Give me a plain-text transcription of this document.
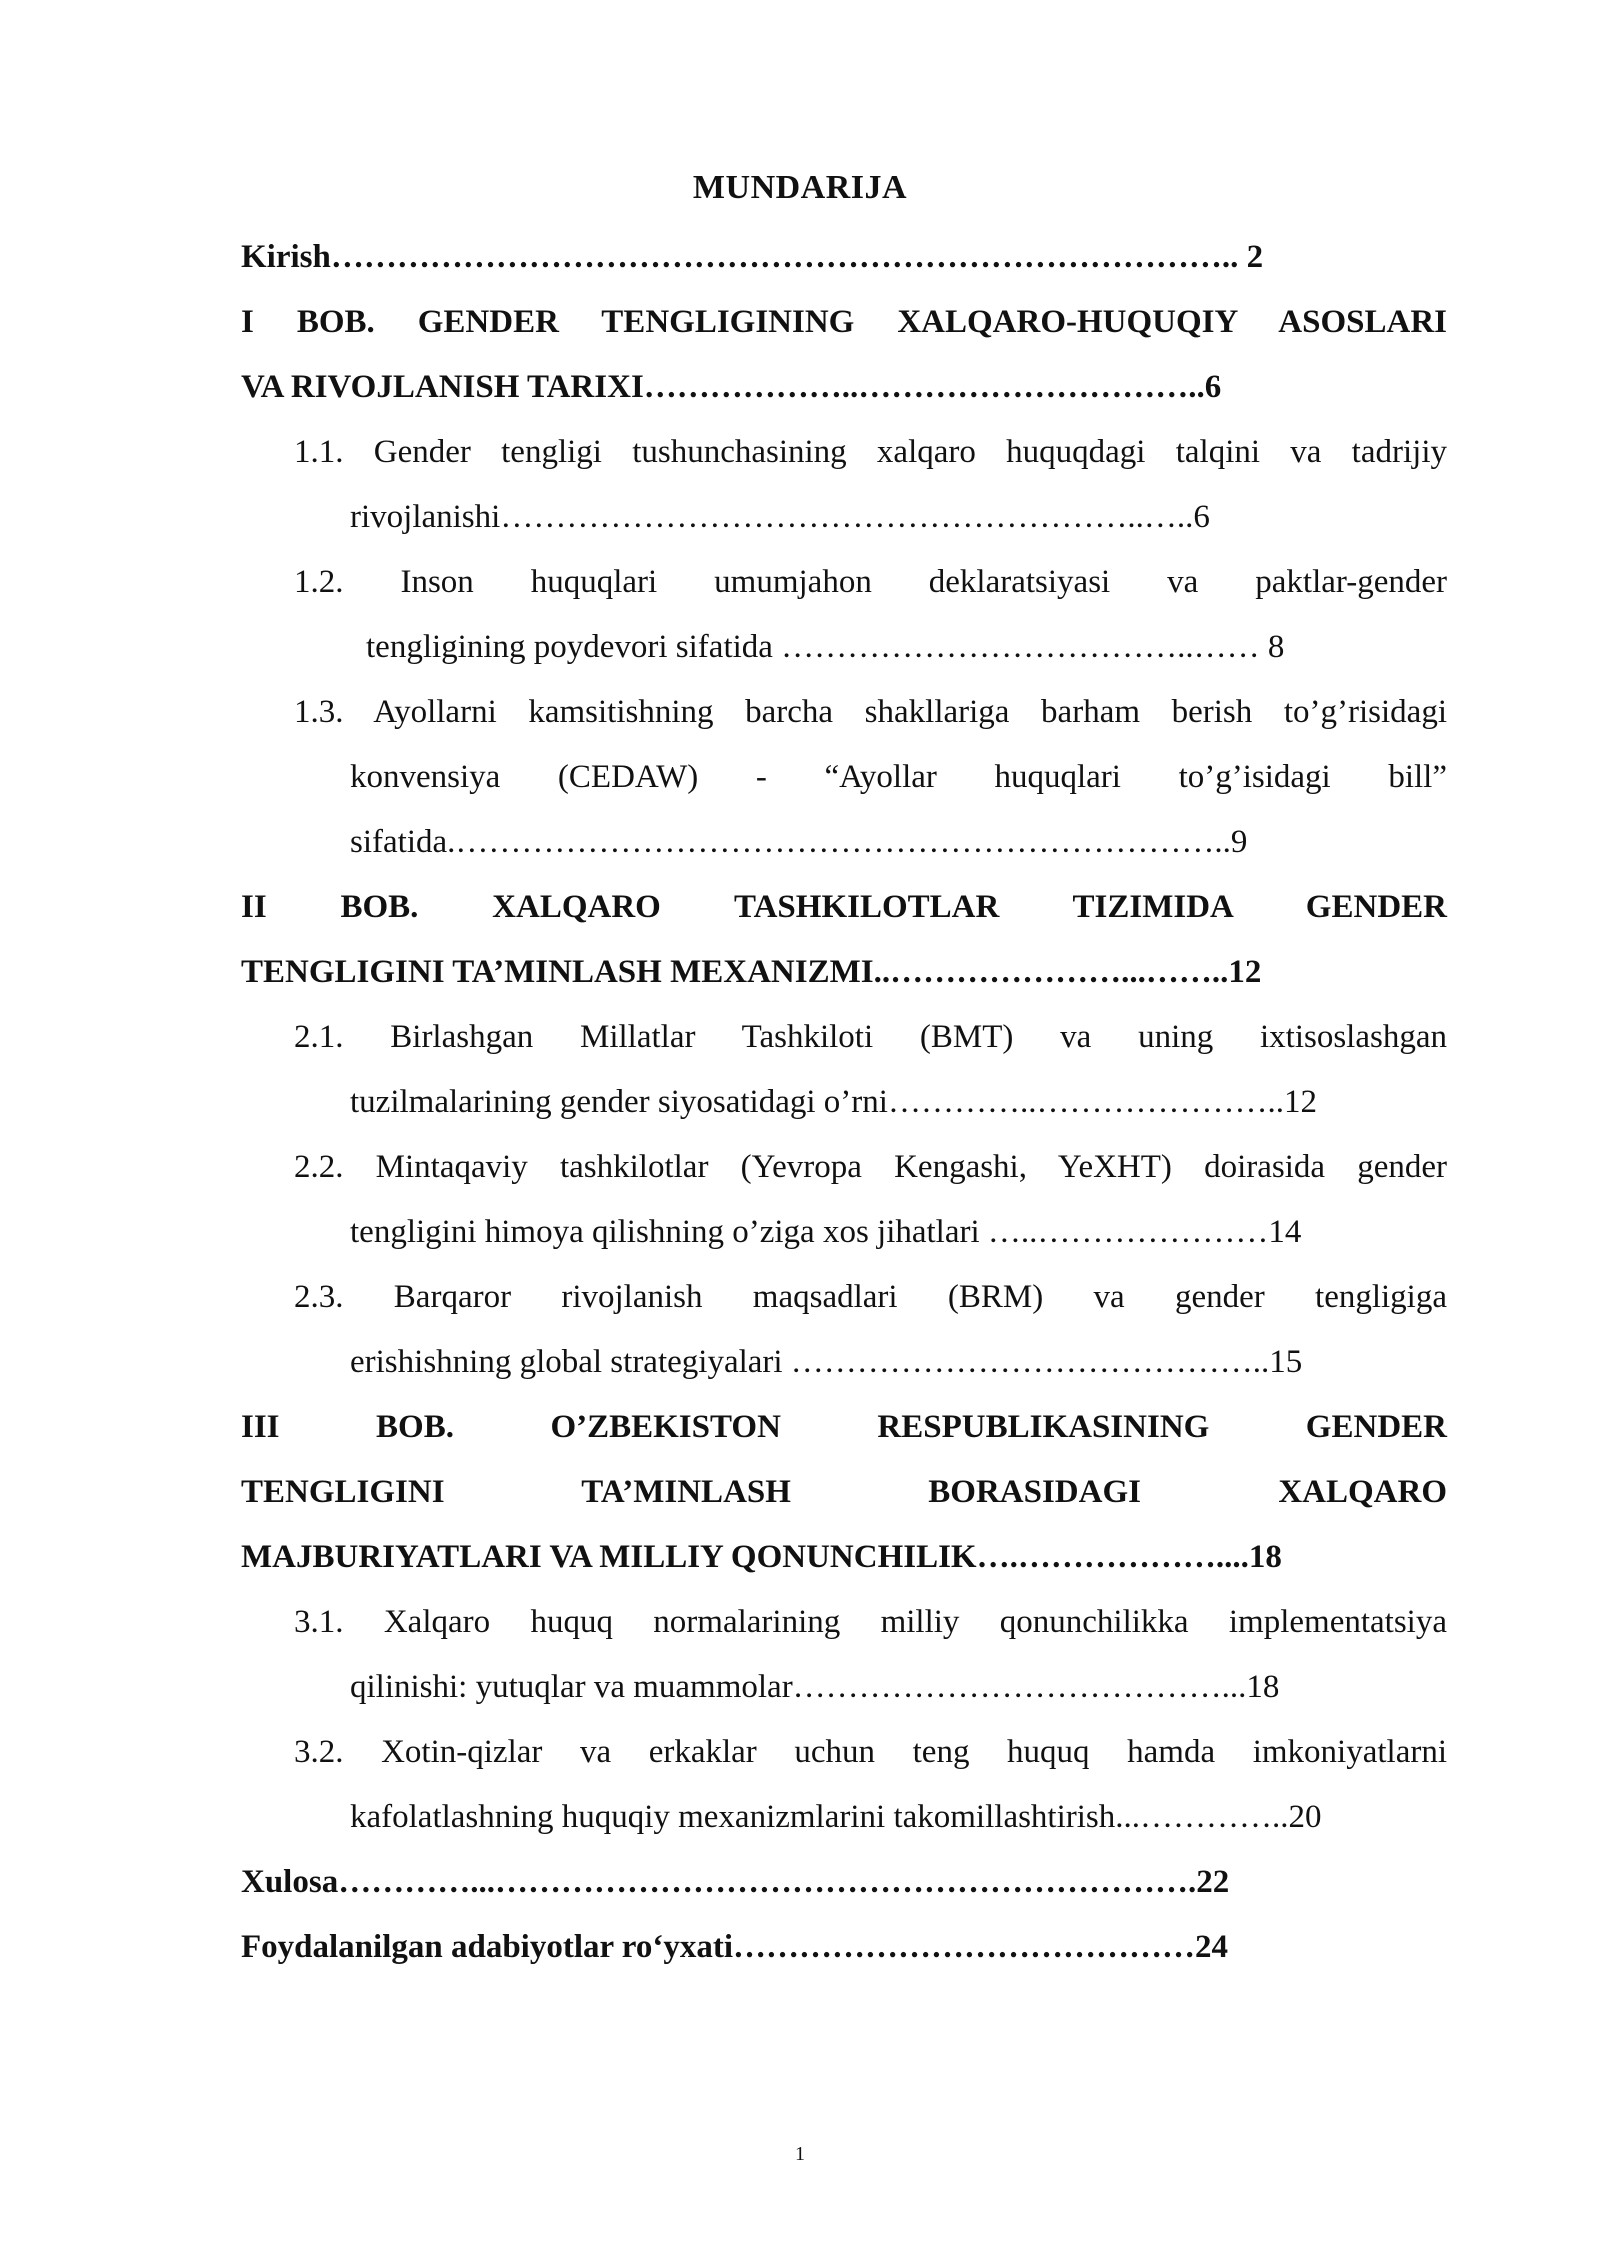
MUNDARIJA
Kirish……………………………………………………………………….. 2
I BOB. GENDER TENGLIGINING XALQARO-HUQUQIY ASOSLARI
VA RIVOJLANISH TARIXI………………..…………………………..6
1.1. Gender tengligi tushunchasining xalqaro huquqdagi talqini va tadrijiy
rivojlanishi…………………………………………………..…..6
1.2. Inson huquqlari umumjahon deklaratsiyasi va paktlar-gender
tengligining poydevori sifatida ………………………………..…… 8
1.3. Ayollarni kamsitishning barcha shakllariga barham berish to’g’risidagi
konvensiya (CEDAW) - “Ayollar huquqlari to’g’isidagi bill”
sifatida.……………………………………………………………..9
II BOB. XALQARO TASHKILOTLAR TIZIMIDA GENDER
TENGLIGINI TA’MINLASH MEXANIZMI..…………………...……..12
2.1. Birlashgan Millatlar Tashkiloti (BMT) va uning ixtisoslashgan
tuzilmalarining gender siyosatidagi o’rni…………..…………………..12
2.2. Mintaqaviy tashkilotlar (Yevropa Kengashi, YeXHT) doirasida gender
tengligini himoya qilishning o’ziga xos jihatlari …..…………………14
2.3. Barqaror rivojlanish maqsadlari (BRM) va gender tengligiga
erishishning global strategiyalari ……………………………………..15
III BOB. O’ZBEKISTON RESPUBLIKASINING GENDER
TENGLIGINI TA’MINLASH BORASIDAGI XALQARO
MAJBURIYATLARI VA MILLIY QONUNCHILIK….………………....18
3.1. Xalqaro huquq normalarining milliy qonunchilikka implementatsiya
qilinishi: yutuqlar va muammolar…………………………………...18
3.2. Xotin-qizlar va erkaklar uchun teng huquq hamda imkoniyatlarni
kafolatlashning huquqiy mexanizmlarini takomillashtirish...…………..20
Xulosa…………...……………………………………………………….22
Foydalanilgan adabiyotlar ro‘yxati……………………………………24
1
